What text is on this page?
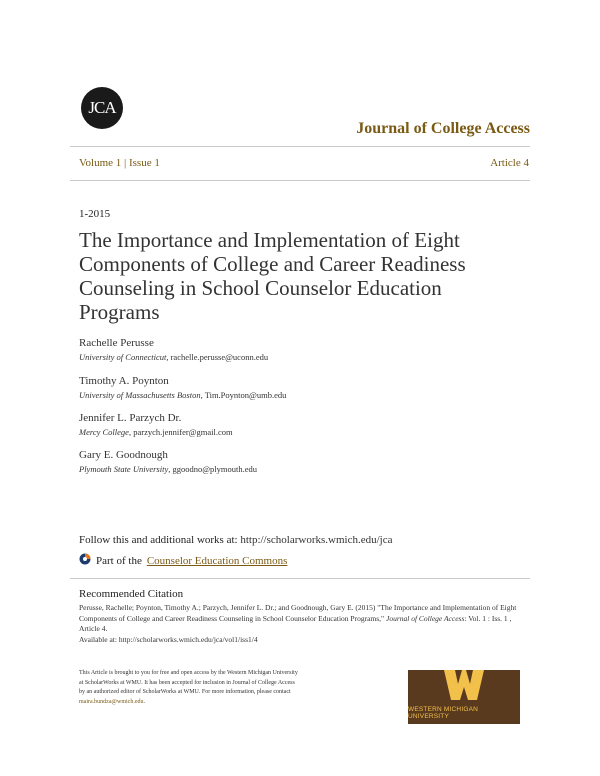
JCA
Journal of College Access
Volume 1 | Issue 1	Article 4
1-2015
The Importance and Implementation of Eight Components of College and Career Readiness Counseling in School Counselor Education Programs
Rachelle Perusse
University of Connecticut, rachelle.perusse@uconn.edu
Timothy A. Poynton
University of Massachusetts Boston, Tim.Poynton@umb.edu
Jennifer L. Parzych Dr.
Mercy College, parzych.jennifer@gmail.com
Gary E. Goodnough
Plymouth State University, ggoodno@plymouth.edu
Follow this and additional works at: http://scholarworks.wmich.edu/jca
Part of the Counselor Education Commons
Recommended Citation
Perusse, Rachelle; Poynton, Timothy A.; Parzych, Jennifer L. Dr.; and Goodnough, Gary E. (2015) "The Importance and Implementation of Eight Components of College and Career Readiness Counseling in School Counselor Education Programs," Journal of College Access: Vol. 1 : Iss. 1 , Article 4.
Available at: http://scholarworks.wmich.edu/jca/vol1/iss1/4
This Article is brought to you for free and open access by the Western Michigan University at ScholarWorks at WMU. It has been accepted for inclusion in Journal of College Access by an authorized editor of ScholarWorks at WMU. For more information, please contact maira.bundza@wmich.edu.
WESTERN MICHIGAN UNIVERSITY
